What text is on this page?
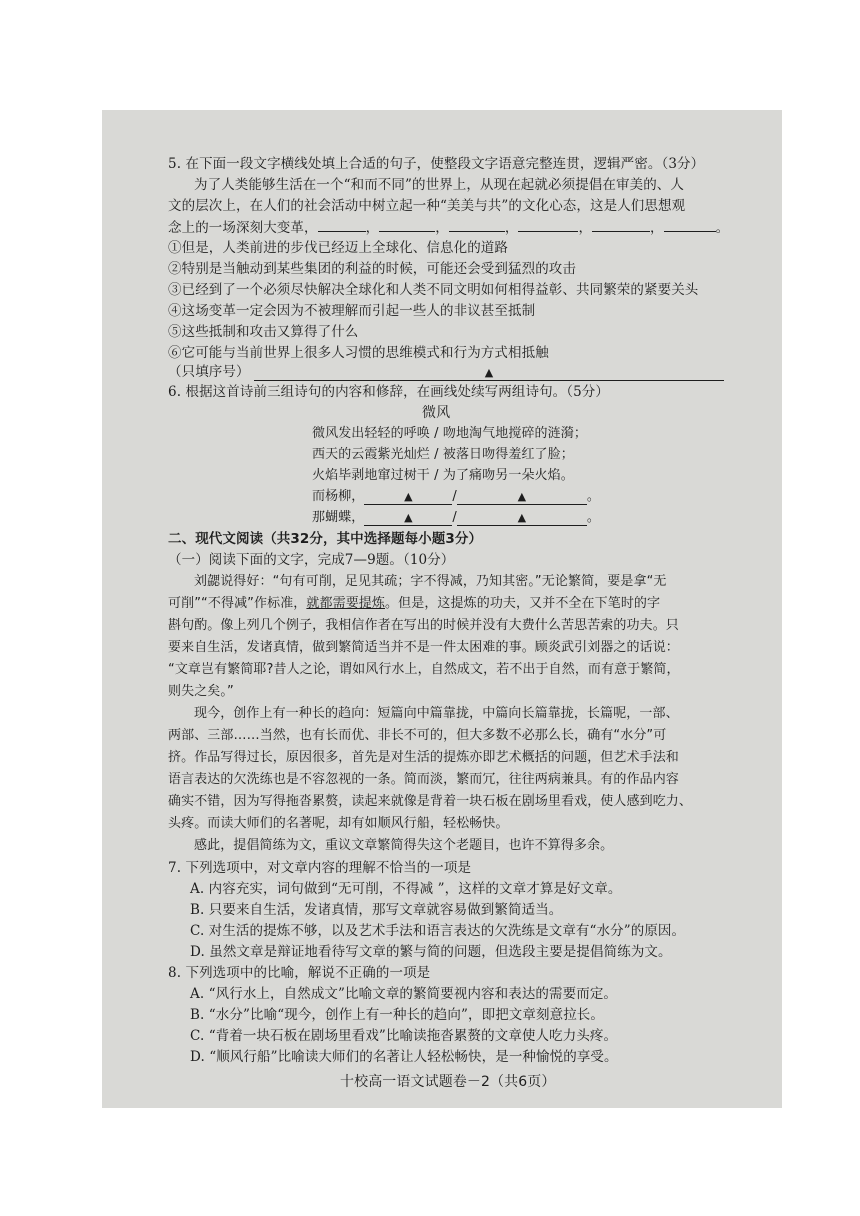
5. 在下面一段文字横线处填上合适的句子，使整段文字语意完整连贯，逻辑严密。（3分）
为了人类能够生活在一个“和而不同”的世界上，从现在起就必须提倡在审美的、人
文的层次上，在人们的社会活动中树立起一种“美美与共”的文化心态，这是人们思想观
念上的一场深刻大变革，	，	，	，	，	，	。
①但是，人类前进的步伐已经迈上全球化、信息化的道路
②特别是当触动到某些集团的利益的时候，可能还会受到猛烈的攻击
③已经到了一个必须尽快解决全球化和人类不同文明如何相得益彰、共同繁荣的紧要关头
④这场变革一定会因为不被理解而引起一些人的非议甚至抵制
⑤这些抵制和攻击又算得了什么
⑥它可能与当前世界上很多人习惯的思维模式和行为方式相抵触
（只填序号）	▲
6. 根据这首诗前三组诗句的内容和修辞，在画线处续写两组诗句。（5分）
微风
微风发出轻轻的呼唤 / 吻地淘气地搅碎的涟漪；
西天的云霞紫光灿烂 / 被落日吻得羞红了脸；
火焰毕剥地窜过树干 / 为了痛吻另一朵火焰。
而杨柳，	▲	/	▲	。
那蝴蝶，	▲	/	▲	。
二、现代文阅读（共32分，其中选择题每小题3分）
（一）阅读下面的文字，完成7—9题。（10分）
刘勰说得好：“句有可削，足见其疏；字不得减，乃知其密。”无论繁简，要是拿“无
可削”“不得减”作标准，就都需要提炼。但是，这提炼的功夫，又并不全在下笔时的字
斟句酌。像上列几个例子，我相信作者在写出的时候并没有大费什么苦思苦索的功夫。只
要来自生活，发诸真情，做到繁简适当并不是一件太困难的事。顾炎武引刘器之的话说：
“文章岂有繁简耶?昔人之论，谓如风行水上，自然成文，若不出于自然，而有意于繁简，
则失之矣。”
现今，创作上有一种长的趋向：短篇向中篇靠拢，中篇向长篇靠拢，长篇呢，一部、
两部、三部……当然，也有长而优、非长不可的，但大多数不必那么长，确有“水分”可
挤。作品写得过长，原因很多，首先是对生活的提炼亦即艺术概括的问题，但艺术手法和
语言表达的欠洗练也是不容忽视的一条。简而淡，繁而冗，往往两病兼具。有的作品内容
确实不错，因为写得拖沓累赘，读起来就像是背着一块石板在剧场里看戏，使人感到吃力、
头疼。而读大师们的名著呢，却有如顺风行船，轻松畅快。
感此，提倡简练为文，重议文章繁简得失这个老题目，也许不算得多余。
7. 下列选项中，对文章内容的理解不恰当的一项是
A. 内容充实，词句做到“无可削，不得减 ”，这样的文章才算是好文章。
B. 只要来自生活，发诸真情，那写文章就容易做到繁简适当。
C. 对生活的提炼不够，以及艺术手法和语言表达的欠洗练是文章有“水分”的原因。
D. 虽然文章是辩证地看待写文章的繁与简的问题，但选段主要是提倡简练为文。
8. 下列选项中的比喻，解说不正确的一项是
A. “风行水上，自然成文”比喻文章的繁简要视内容和表达的需要而定。
B. “水分”比喻“现今，创作上有一种长的趋向”，即把文章刻意拉长。
C. “背着一块石板在剧场里看戏”比喻读拖沓累赘的文章使人吃力头疼。
D. “顺风行船”比喻读大师们的名著让人轻松畅快，是一种愉悦的享受。
十校高一语文试题卷－2（共6页）
